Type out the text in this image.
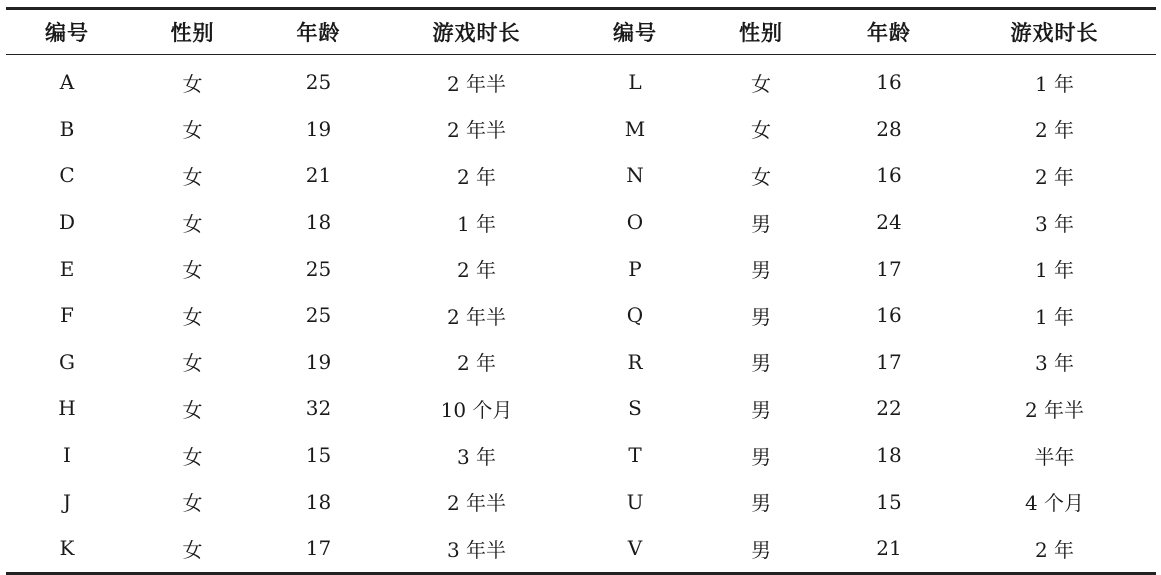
编号	性别	年龄	游戏时长	编号	性别	年龄	游戏时长
A	女	25	2 年半	L	女	16	1 年
B	女	19	2 年半	M	女	28	2 年
C	女	21	2 年	N	女	16	2 年
D	女	18	1 年	O	男	24	3 年
E	女	25	2 年	P	男	17	1 年
F	女	25	2 年半	Q	男	16	1 年
G	女	19	2 年	R	男	17	3 年
H	女	32	10 个月	S	男	22	2 年半
I	女	15	3 年	T	男	18	半年
J	女	18	2 年半	U	男	15	4 个月
K	女	17	3 年半	V	男	21	2 年
